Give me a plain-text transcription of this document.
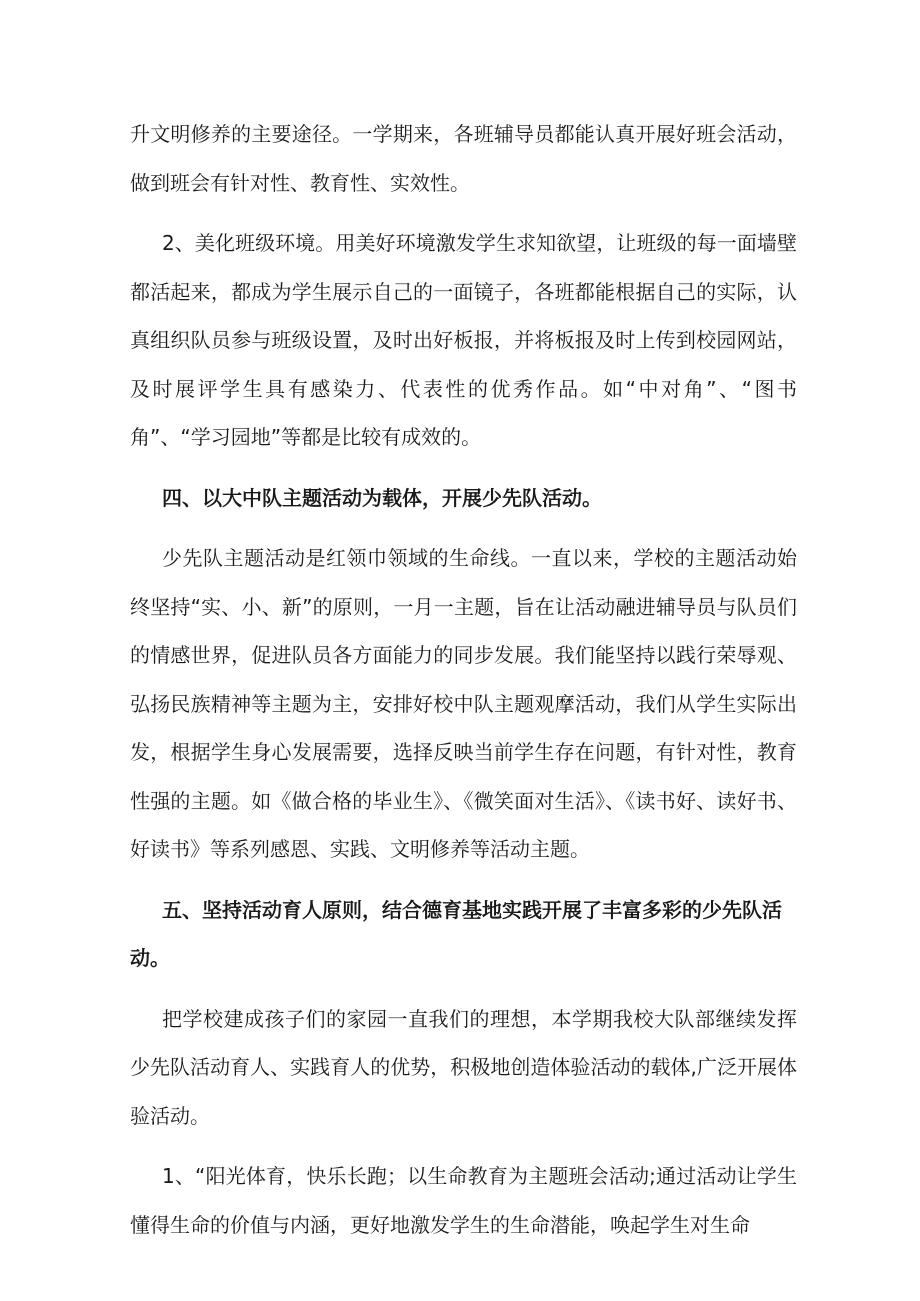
升文明修养的主要途径。一学期来，各班辅导员都能认真开展好班会活动，做到班会有针对性、教育性、实效性。

2、美化班级环境。用美好环境激发学生求知欲望，让班级的每一面墙壁都活起来，都成为学生展示自己的一面镜子，各班都能根据自己的实际，认真组织队员参与班级设置，及时出好板报，并将板报及时上传到校园网站，及时展评学生具有感染力、代表性的优秀作品。如“中对角”、“图书角”、“学习园地”等都是比较有成效的。

四、以大中队主题活动为载体，开展少先队活动。

少先队主题活动是红领巾领域的生命线。一直以来，学校的主题活动始终坚持“实、小、新”的原则，一月一主题，旨在让活动融进辅导员与队员们的情感世界，促进队员各方面能力的同步发展。我们能坚持以践行荣辱观、弘扬民族精神等主题为主，安排好校中队主题观摩活动，我们从学生实际出发，根据学生身心发展需要，选择反映当前学生存在问题，有针对性，教育性强的主题。如《做合格的毕业生》、《微笑面对生活》、《读书好、读好书、好读书》等系列感恩、实践、文明修养等活动主题。

五、坚持活动育人原则，结合德育基地实践开展了丰富多彩的少先队活动。

把学校建成孩子们的家园一直我们的理想，本学期我校大队部继续发挥少先队活动育人、实践育人的优势，积极地创造体验活动的载体,广泛开展体验活动。

1、“阳光体育，快乐长跑；以生命教育为主题班会活动;通过活动让学生懂得生命的价值与内涵，更好地激发学生的生命潜能，唤起学生对生命
